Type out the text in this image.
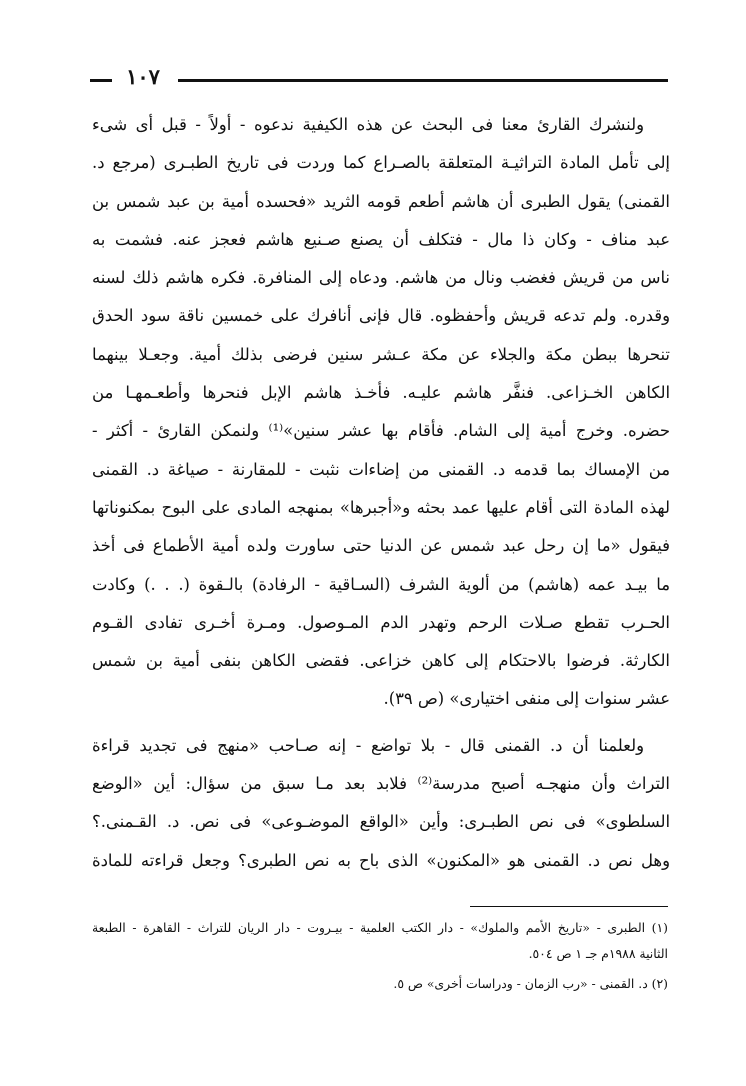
١٠٧
ولنشرك القارئ معنا فى البحث عن هذه الكيفية ندعوه - أولاً - قبل أى شىء
إلى تأمل المادة التراثيـة المتعلقة بالصـراع كما وردت فى تاريخ الطبـرى (مرجع د.
القمنى) يقول الطبرى أن هاشم أطعم قومه الثريد «فحسده أمية بن عبد شمس بن
عبد مناف - وكان ذا مال - فتكلف أن يصنع صـنيع هاشم فعجز عنه. فشمت به
ناس من قريش فغضب ونال من هاشم. ودعاه إلى المنافرة. فكره هاشم ذلك لسنه
وقدره. ولم تدعه قريش وأحفظوه. قال فإنى أنافرك على خمسين ناقة سود الحدق
تنحرها ببطن مكة والجلاء عن مكة عـشر سنين فرضى بذلك أمية. وجعـلا بينهما
الكاهن الخـزاعى. فنفَّر هاشم عليـه. فأخـذ هاشم الإبل فنحرها وأطعـمهـا من
حضره. وخرج أمية إلى الشام. فأقام بها عشر سنين»⁽¹⁾ ولنمكن القارئ - أكثر -
من الإمساك بما قدمه د. القمنى من إضاءات نثبت - للمقارنة - صياغة د. القمنى
لهذه المادة التى أقام عليها عمد بحثه و«أجبرها» بمنهجه المادى على البوح بمكنوناتها
فيقول «ما إن رحل عبد شمس عن الدنيا حتى ساورت ولده أمية الأطماع فى أخذ
ما بيـد عمه (هاشم) من ألوية الشرف (السـاقية - الرفادة) بالـقوة (. . .) وكادت
الحـرب تقطع صـلات الرحم وتهدر الدم المـوصول. ومـرة أخـرى تفادى القـوم
الكارثة. فرضوا بالاحتكام إلى كاهن خزاعى. فقضى الكاهن بنفى أمية بن شمس
عشر سنوات إلى منفى اختيارى» (ص ٣٩).
ولعلمنا أن د. القمنى قال - بلا تواضع - إنه صـاحب «منهج فى تجديد قراءة
التراث وأن منهجـه أصبح مدرسة⁽²⁾ فلابد بعد مـا سبق من سؤال: أين «الوضع
السلطوى» فى نص الطبـرى: وأين «الواقع الموضـوعى» فى نص. د. القـمنى.؟
وهل نص د. القمنى هو «المكنون» الذى باح به نص الطبرى؟ وجعل قراءته للمادة
(١) الطبرى - «تاريخ الأمم والملوك» - دار الكتب العلمية - بيـروت - دار الريان للتراث - القاهرة - الطبعة
الثانية ١٩٨٨م جـ ١ ص ٥٠٤.
(٢) د. القمنى - «رب الزمان - ودراسات أخرى» ص ٥.
